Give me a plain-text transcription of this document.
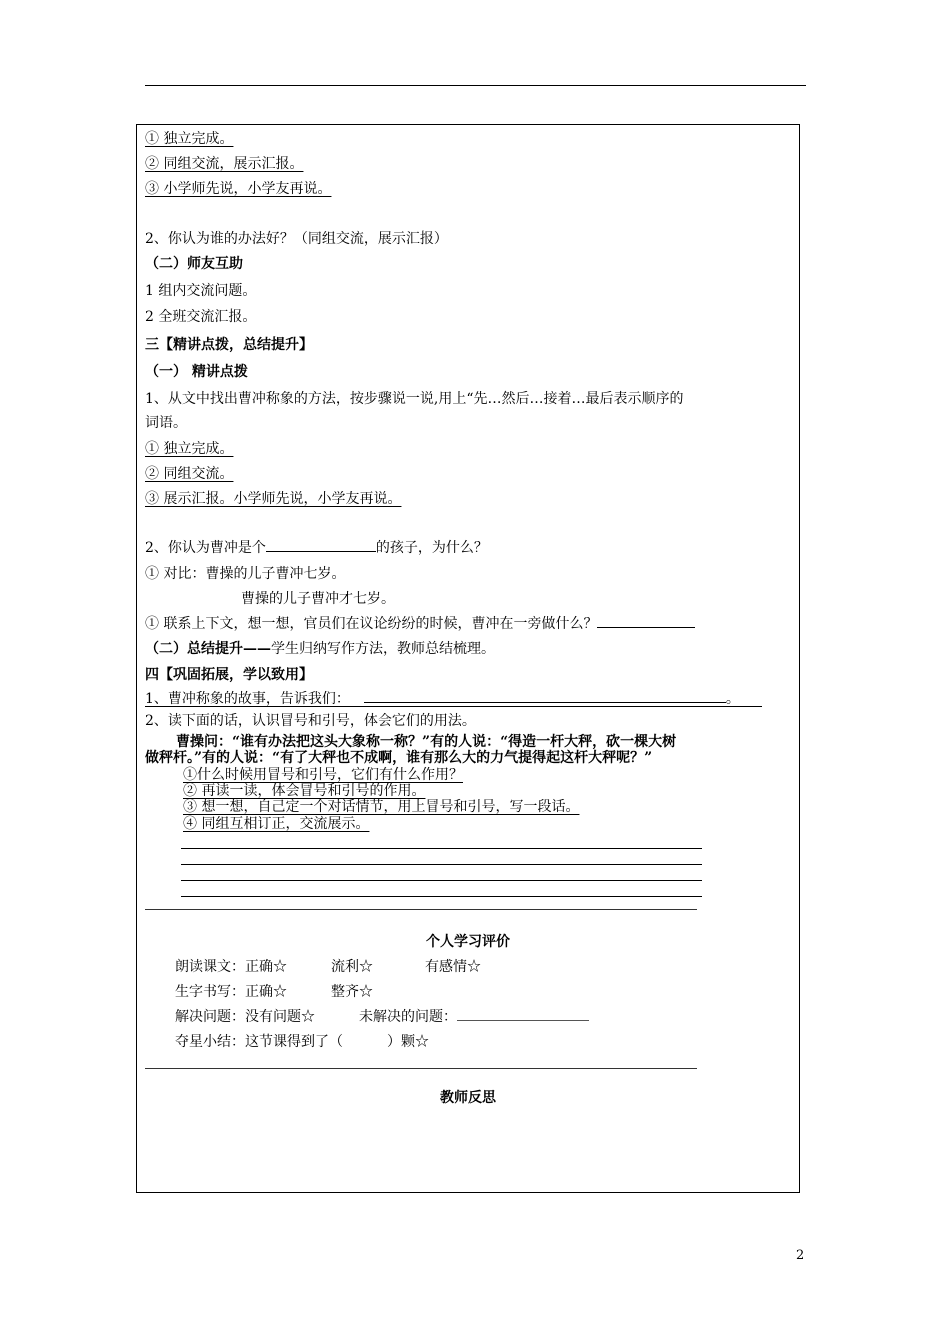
① 独立完成。
② 同组交流，展示汇报。
③ 小学师先说，小学友再说。
2、你认为谁的办法好？（同组交流，展示汇报）
（二）师友互助
1 组内交流问题。
2 全班交流汇报。
三【精讲点拨，总结提升】
（一） 精讲点拨
1、从文中找出曹冲称象的方法，按步骤说一说,用上“先…然后…接着…最后表示顺序的
词语。
① 独立完成。
② 同组交流。
③ 展示汇报。小学师先说，小学友再说。
2、你认为曹冲是个	的孩子，为什么？
① 对比：曹操的儿子曹冲七岁。
曹操的儿子曹冲才七岁。
① 联系上下文，想一想，官员们在议论纷纷的时候，曹冲在一旁做什么？
（二）总结提升——学生归纳写作方法，教师总结梳理。
四【巩固拓展，学以致用】
1、曹冲称象的故事，告诉我们：	。
2、读下面的话，认识冒号和引号，体会它们的用法。
曹操问：“谁有办法把这头大象称一称？”有的人说：“得造一杆大秤，砍一棵大树
做秤杆。”有的人说：“有了大秤也不成啊，谁有那么大的力气提得起这杆大秤呢？”
①什么时候用冒号和引号，它们有什么作用？
② 再读一读，体会冒号和引号的作用。
③ 想一想，自己定一个对话情节，用上冒号和引号，写一段话。
④ 同组互相订正，交流展示。
个人学习评价
朗读课文：正确☆	流利☆	有感情☆
生字书写：正确☆	整齐☆
解决问题：没有问题☆	未解决的问题：
夺星小结：这节课得到了（	）颗☆
教师反思
2
